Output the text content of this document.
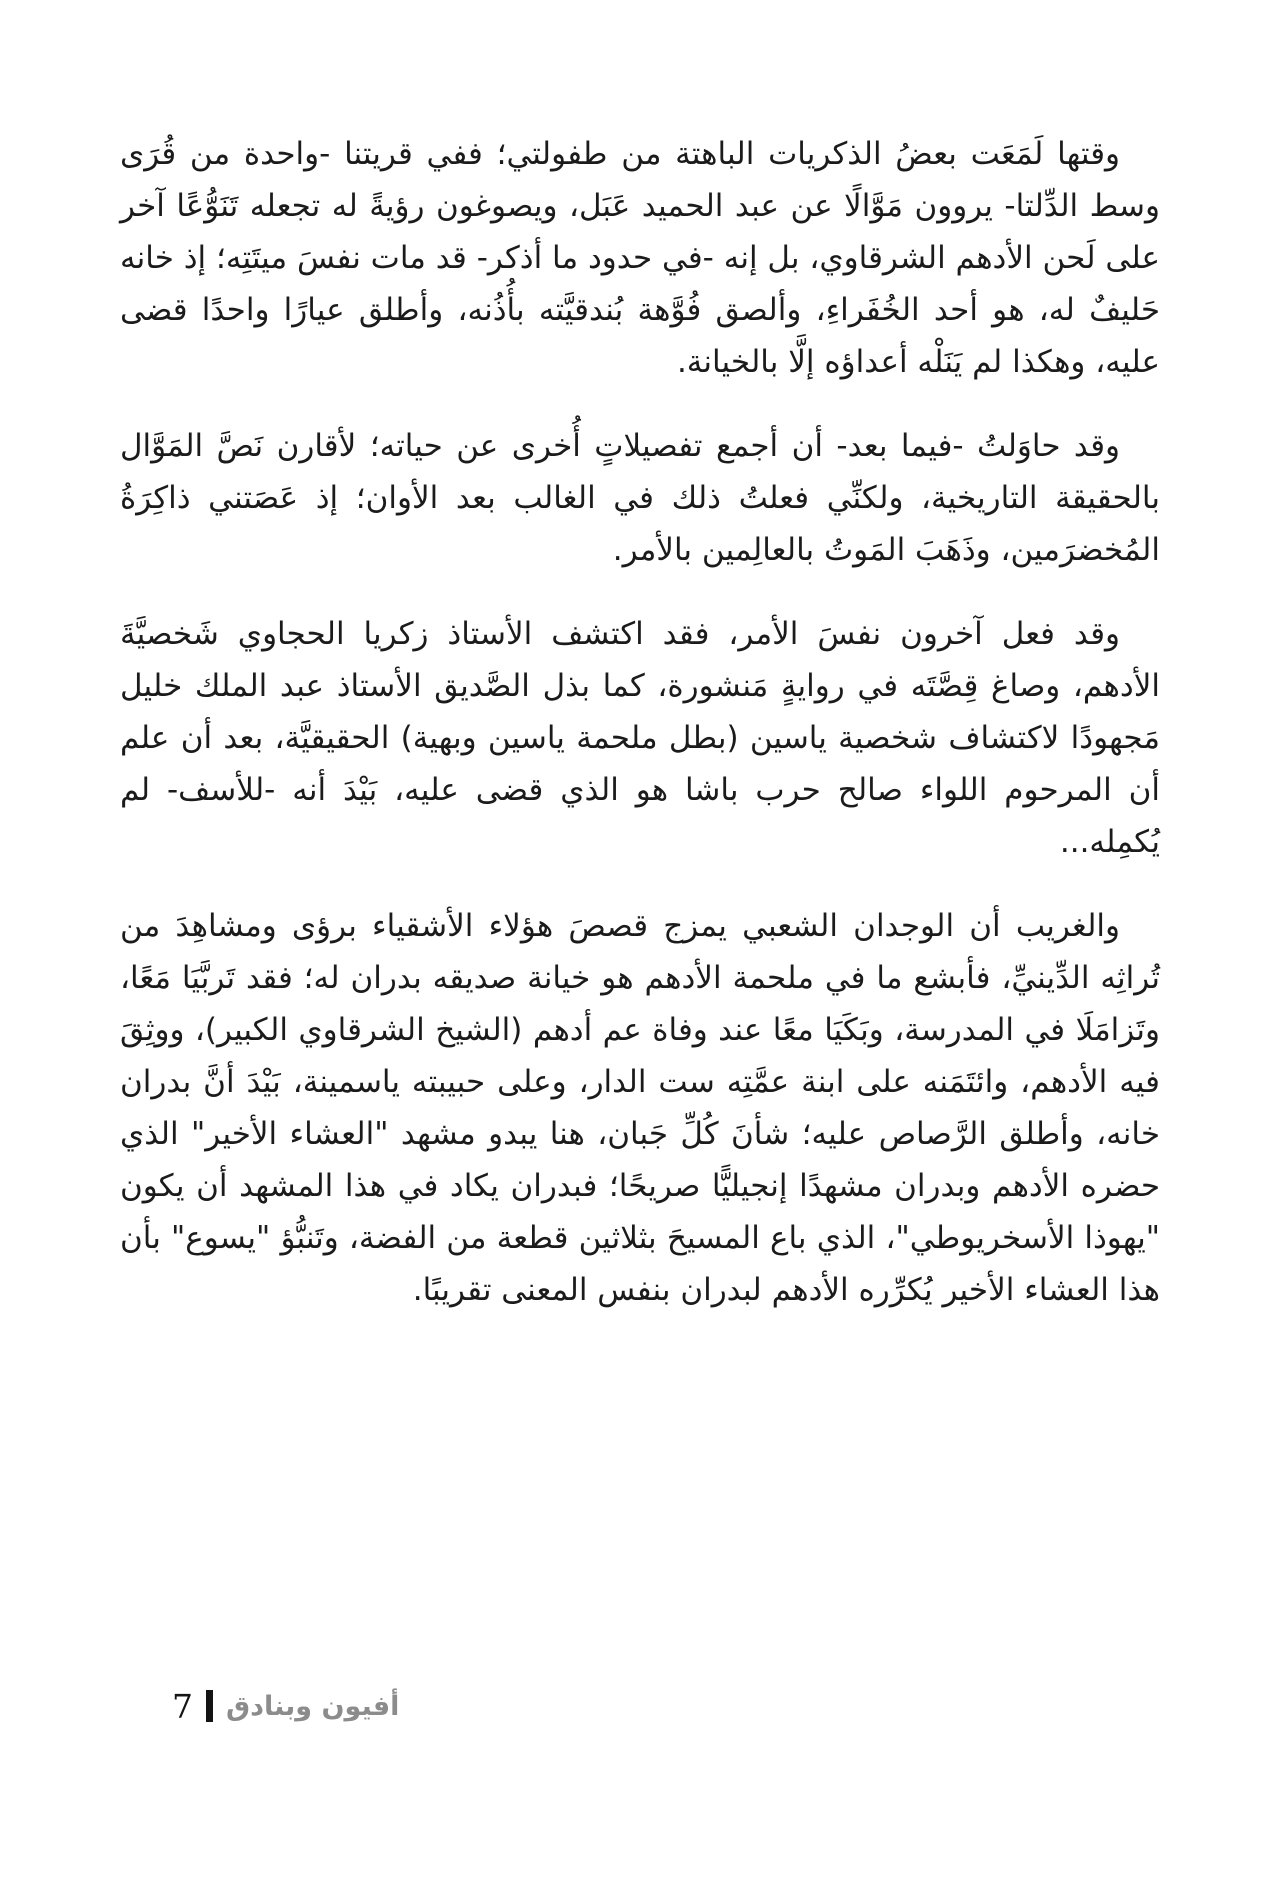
وقتها لَمَعَت بعضُ الذكريات الباهتة من طفولتي؛ ففي قريتنا -واحدة من قُرَى وسط الدِّلتا- يروون مَوَّالًا عن عبد الحميد عَبَل، ويصوغون رؤيةً له تجعله تَنَوُّعًا آخر على لَحن الأدهم الشرقاوي، بل إنه -في حدود ما أذكر- قد مات نفسَ ميتَتِه؛ إذ خانه حَليفٌ له، هو أحد الخُفَراءِ، وألصق فُوَّهة بُندقيَّته بأُذُنه، وأطلق عيارًا واحدًا قضى عليه، وهكذا لم يَنَلْه أعداؤه إلَّا بالخيانة.

وقد حاوَلتُ -فيما بعد- أن أجمع تفصيلاتٍ أُخرى عن حياته؛ لأقارن نَصَّ المَوَّال بالحقيقة التاريخية، ولكنِّي فعلتُ ذلك في الغالب بعد الأوان؛ إذ عَصَتني ذاكِرَةُ المُخضرَمين، وذَهَبَ المَوتُ بالعالِمين بالأمر.

وقد فعل آخرون نفسَ الأمر، فقد اكتشف الأستاذ زكريا الحجاوي شَخصيَّةَ الأدهم، وصاغ قِصَّتَه في روايةٍ مَنشورة، كما بذل الصَّديق الأستاذ عبد الملك خليل مَجهودًا لاكتشاف شخصية ياسين (بطل ملحمة ياسين وبهية) الحقيقيَّة، بعد أن علم أن المرحوم اللواء صالح حرب باشا هو الذي قضى عليه، بَيْدَ أنه -للأسف- لم يُكمِله...

والغريب أن الوجدان الشعبي يمزج قصصَ هؤلاء الأشقياء برؤى ومشاهِدَ من تُراثِه الدِّينيِّ، فأبشع ما في ملحمة الأدهم هو خيانة صديقه بدران له؛ فقد تَربَّيَا مَعًا، وتَزامَلَا في المدرسة، وبَكَيَا معًا عند وفاة عم أدهم (الشيخ الشرقاوي الكبير)، ووثِقَ فيه الأدهم، وائتَمَنه على ابنة عمَّتِه ست الدار، وعلى حبيبته ياسمينة، بَيْدَ أنَّ بدران خانه، وأطلق الرَّصاص عليه؛ شأنَ كُلِّ جَبان، هنا يبدو مشهد "العشاء الأخير" الذي حضره الأدهم وبدران مشهدًا إنجيليًّا صريحًا؛ فبدران يكاد في هذا المشهد أن يكون "يهوذا الأسخريوطي"، الذي باع المسيحَ بثلاثين قطعة من الفضة، وتَنبُّؤ "يسوع" بأن هذا العشاء الأخير يُكرِّره الأدهم لبدران بنفس المعنى تقريبًا.

7 أفيون وبنادق
